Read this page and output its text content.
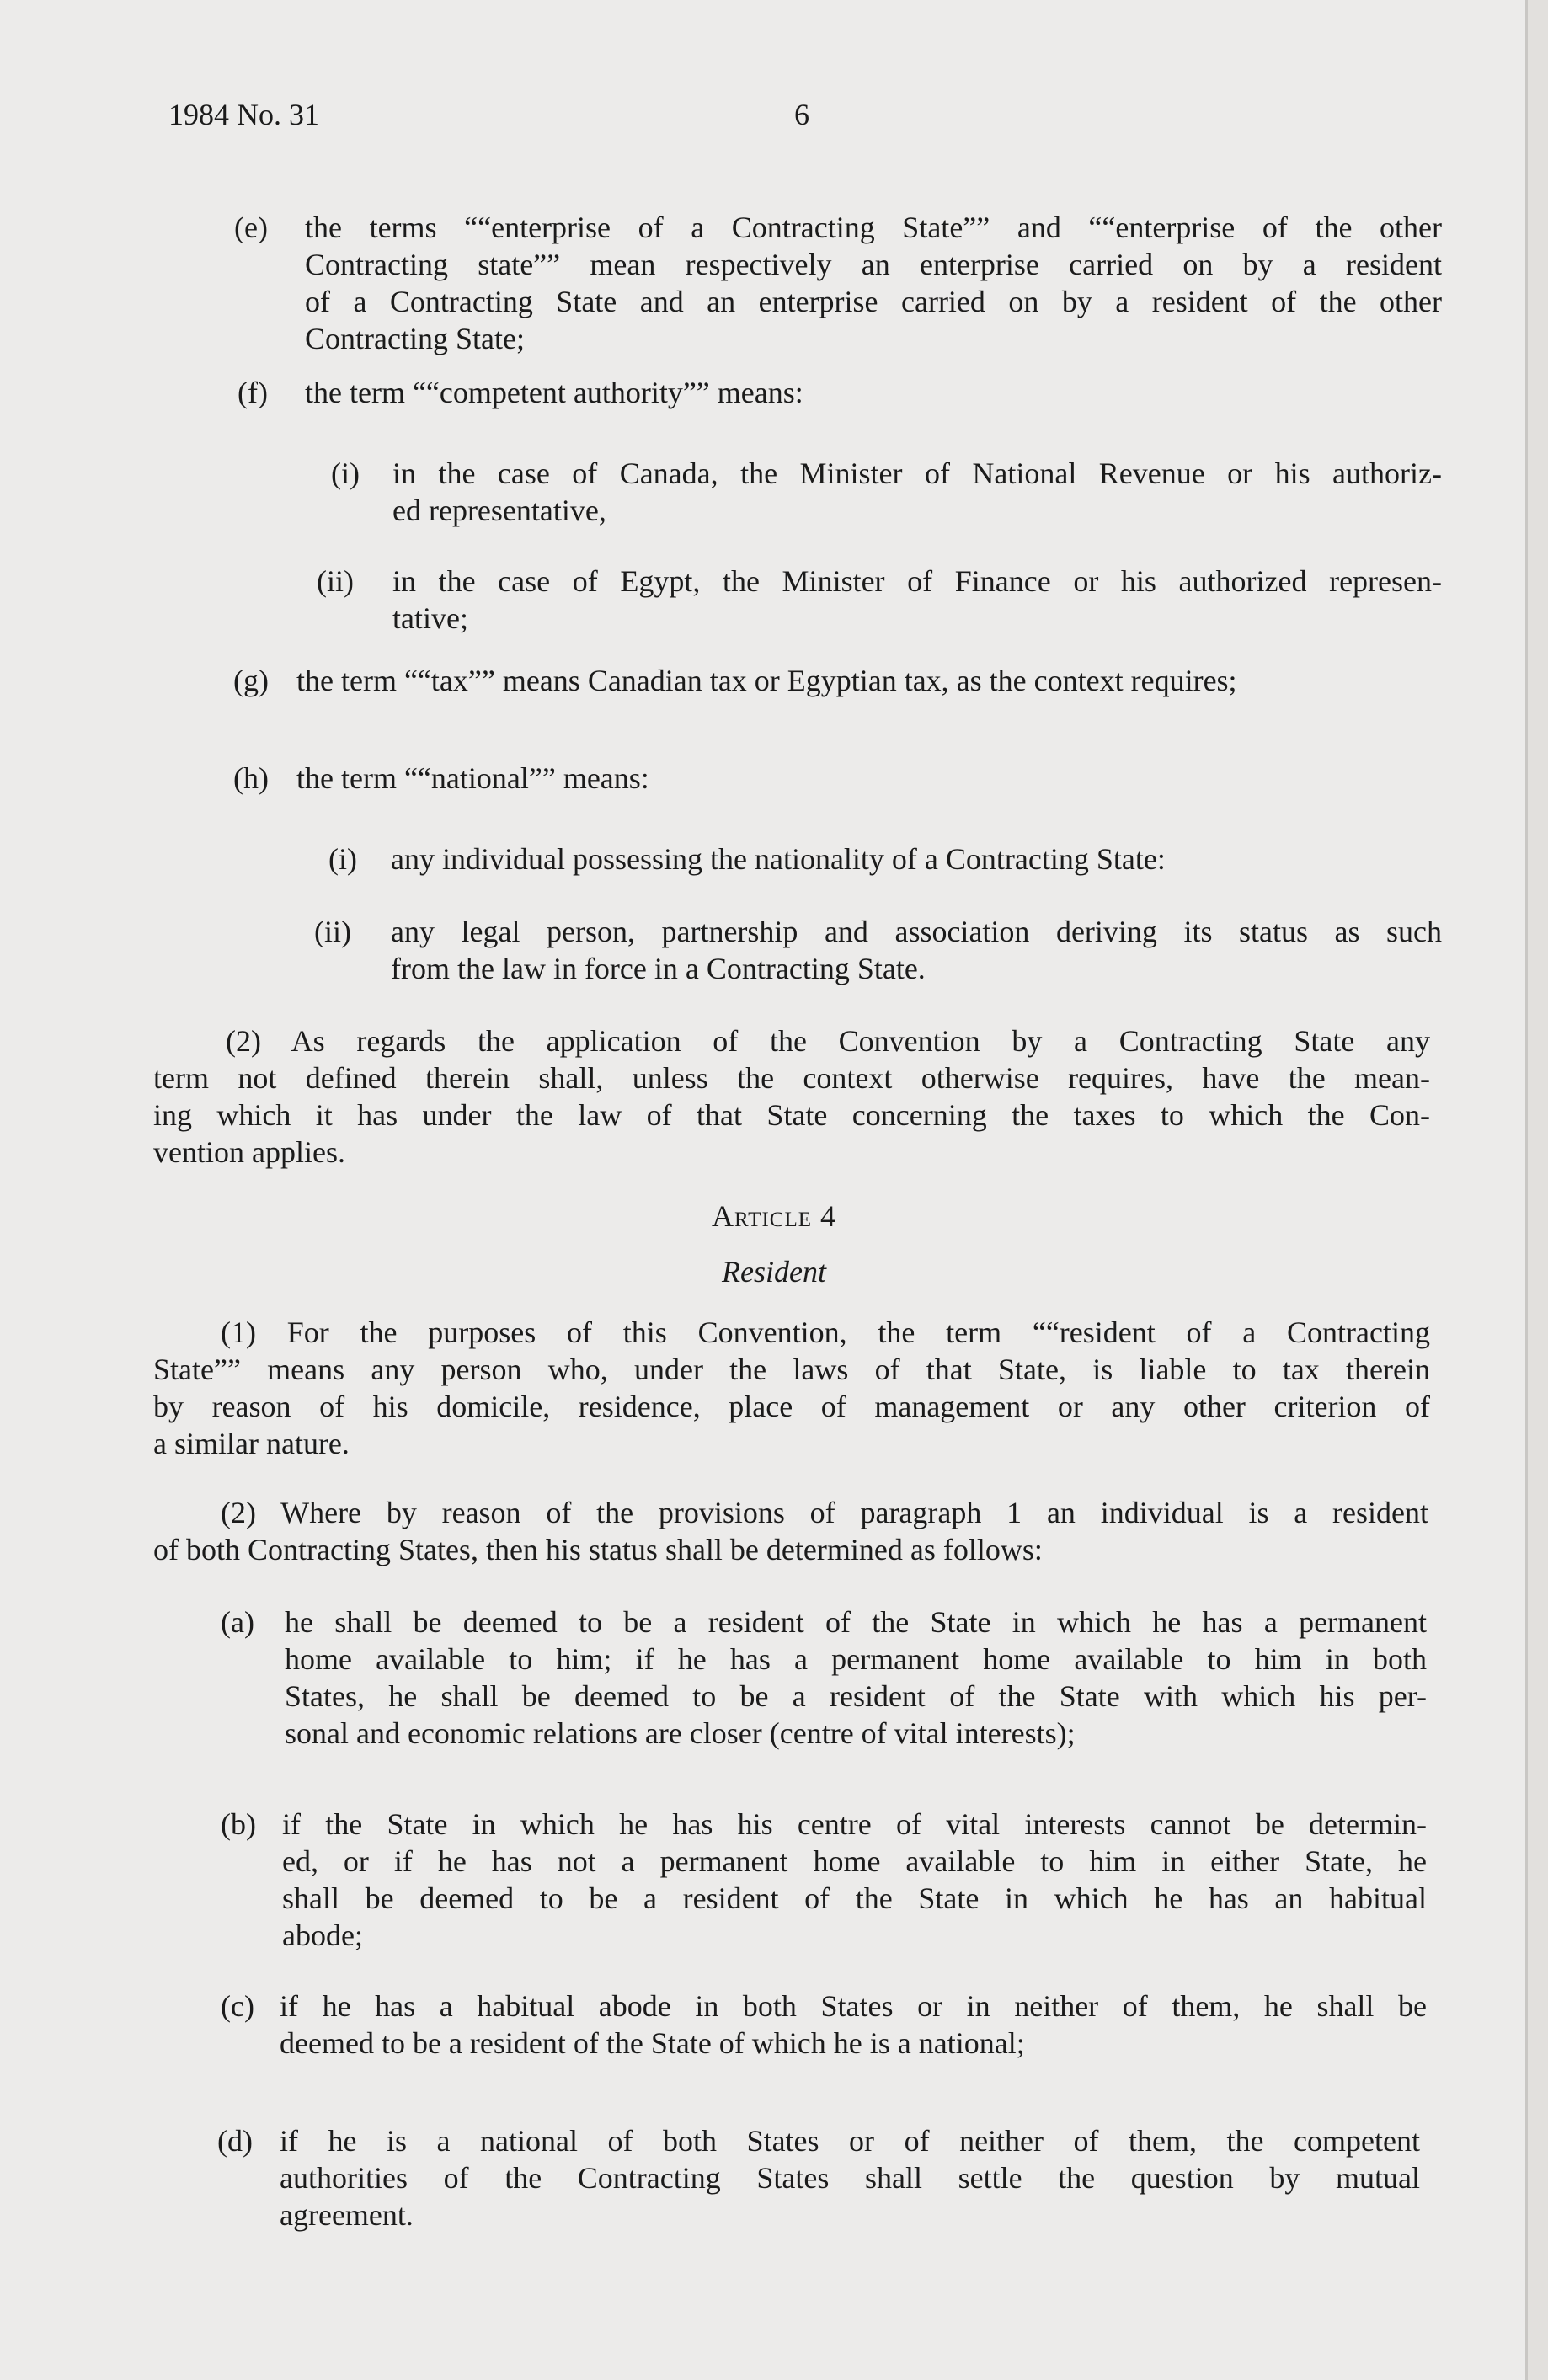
1984 No. 31	6
(e) the terms ““enterprise of a Contracting State”” and ““enterprise of the other
Contracting state”” mean respectively an enterprise carried on by a resident
of a Contracting State and an enterprise carried on by a resident of the other
Contracting State;
(f) the term ““competent authority”” means:
(i) in the case of Canada, the Minister of National Revenue or his authoriz-
ed representative,
(ii) in the case of Egypt, the Minister of Finance or his authorized represen-
tative;
(g) the term ““tax”” means Canadian tax or Egyptian tax, as the context requires;
(h) the term ““national”” means:
(i) any individual possessing the nationality of a Contracting State:
(ii) any legal person, partnership and association deriving its status as such
from the law in force in a Contracting State.
(2) As regards the application of the Convention by a Contracting State any
term not defined therein shall, unless the context otherwise requires, have the mean-
ing which it has under the law of that State concerning the taxes to which the Con-
vention applies.
Article 4
Resident
(1) For the purposes of this Convention, the term ““resident of a Contracting
State”” means any person who, under the laws of that State, is liable to tax therein
by reason of his domicile, residence, place of management or any other criterion of
a similar nature.
(2) Where by reason of the provisions of paragraph 1 an individual is a resident
of both Contracting States, then his status shall be determined as follows:
(a) he shall be deemed to be a resident of the State in which he has a permanent
home available to him; if he has a permanent home available to him in both
States, he shall be deemed to be a resident of the State with which his per-
sonal and economic relations are closer (centre of vital interests);
(b) if the State in which he has his centre of vital interests cannot be determin-
ed, or if he has not a permanent home available to him in either State, he
shall be deemed to be a resident of the State in which he has an habitual
abode;
(c) if he has a habitual abode in both States or in neither of them, he shall be
deemed to be a resident of the State of which he is a national;
(d) if he is a national of both States or of neither of them, the competent
authorities of the Contracting States shall settle the question by mutual
agreement.
